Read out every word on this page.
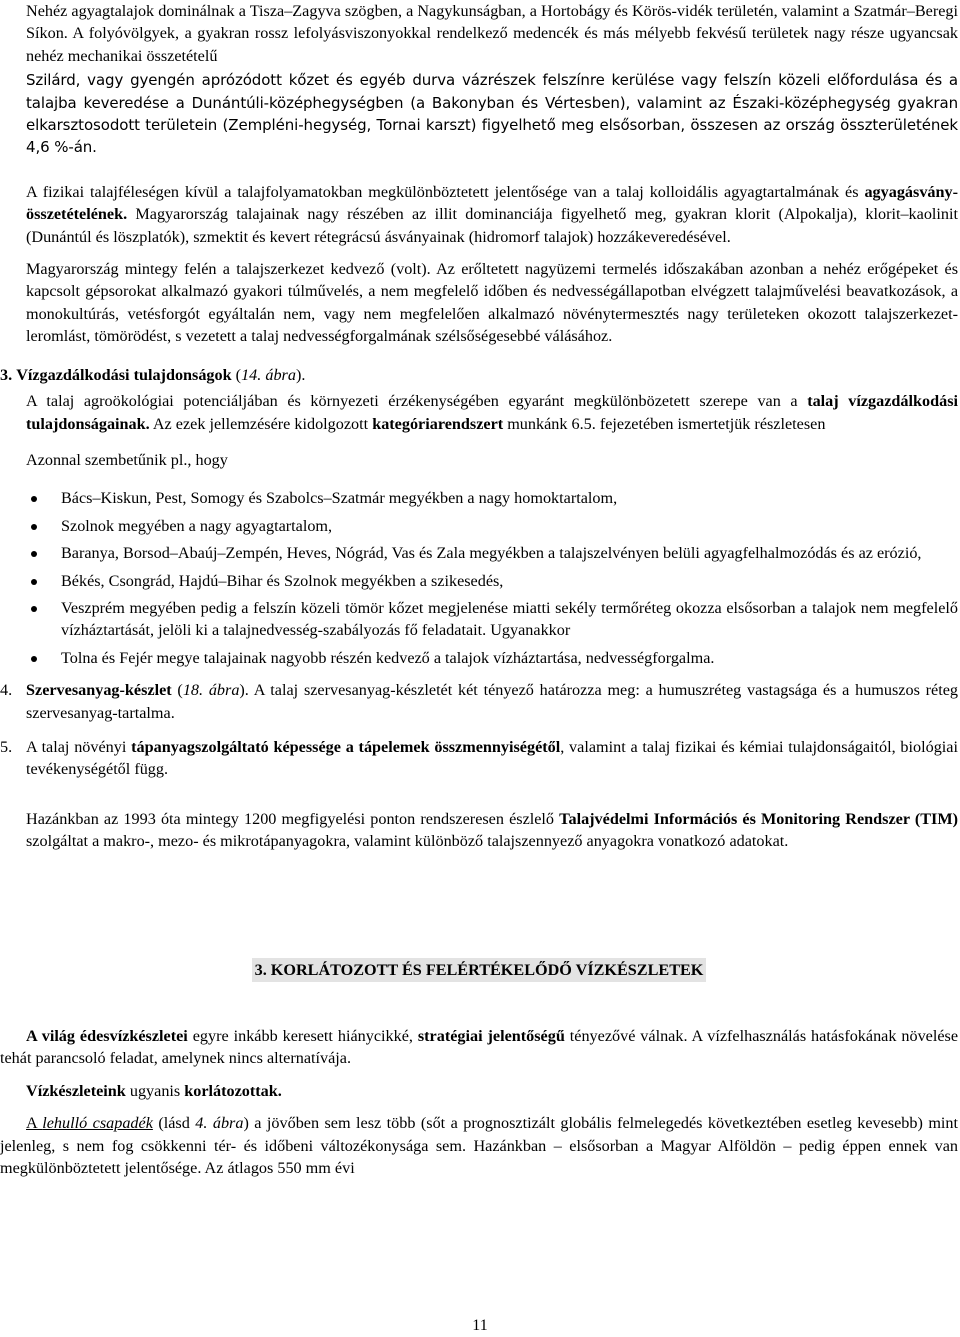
Nehéz agyagtalajok dominálnak a Tisza–Zagyva szögben, a Nagykunságban, a Hortobágy és Körös-vidék területén, valamint a Szatmár–Beregi Síkon. A folyóvölgyek, a gyakran rossz lefolyásviszonyokkal rendelkező medencék és más mélyebb fekvésű területek nagy része ugyancsak nehéz mechanikai összetételű

Szilárd, vagy gyengén aprózódott kőzet és egyéb durva vázrészek felszínre kerülése vagy felszín közeli előfordulása és a talajba keveredése a Dunántúli-középhegységben (a Bakonyban és Vértesben), valamint az Északi-középhegység gyakran elkarsztosodott területein (Zempléni-hegység, Tornai karszt) figyelhető meg elsősorban, összesen az ország összterületének 4,6 %-án.

A fizikai talajféleségen kívül a talajfolyamatokban megkülönböztetett jelentősége van a talaj kolloidális agyagtartalmának és agyagásvány-összetételének. Magyarország talajainak nagy részében az illit dominanciája figyelhető meg, gyakran klorit (Alpokalja), klorit–kaolinit (Dunántúl és löszplatók), szmektit és kevert rétegrácsú ásványainak (hidromorf talajok) hozzákeveredésével.

Magyarország mintegy felén a talajszerkezet kedvező (volt). Az erőltetett nagyüzemi termelés időszakában azonban a nehéz erőgépeket és kapcsolt gépsorokat alkalmazó gyakori túlművelés, a nem megfelelő időben és nedvességállapotban elvégzett talajművelési beavatkozások, a monokultúrás, vetésforgót egyáltalán nem, vagy nem megfelelően alkalmazó növénytermesztés nagy területeken okozott talajszerkezet-leromlást, tömörödést, s vezetett a talaj nedvességforgalmának szélsőségesebbé válásához.

3. Vízgazdálkodási tulajdonságok (14. ábra).

A talaj agroökológiai potenciáljában és környezeti érzékenységében egyaránt megkülönbözetett szerepe van a talaj vízgazdálkodási tulajdonságainak. Az ezek jellemzésére kidolgozott kategóriarendszert munkánk 6.5. fejezetében ismertetjük részletesen

Azonnal szembetűnik pl., hogy

Bács–Kiskun, Pest, Somogy és Szabolcs–Szatmár megyékben a nagy homoktartalom,
Szolnok megyében a nagy agyagtartalom,
Baranya, Borsod–Abaúj–Zempén, Heves, Nógrád, Vas és Zala megyékben a talajszelvényen belüli agyagfelhalmozódás és az erózió,
Békés, Csongrád, Hajdú–Bihar és Szolnok megyékben a szikesedés,
Veszprém megyében pedig a felszín közeli tömör kőzet megjelenése miatti sekély termőréteg okozza elsősorban a talajok nem megfelelő vízháztartását, jelöli ki a talajnedvesség-szabályozás fő feladatait. Ugyanakkor
Tolna és Fejér megye talajainak nagyobb részén kedvező a talajok vízháztartása, nedvességforgalma.

4. Szervesanyag-készlet (18. ábra). A talaj szervesanyag-készletét két tényező határozza meg: a humuszréteg vastagsága és a humuszos réteg szervesanyag-tartalma.

5. A talaj növényi tápanyagszolgáltató képessége a tápelemek összmennyiségétől, valamint a talaj fizikai és kémiai tulajdonságaitól, biológiai tevékenységétől függ.

Hazánkban az 1993 óta mintegy 1200 megfigyelési ponton rendszeresen észlelő Talajvédelmi Információs és Monitoring Rendszer (TIM) szolgáltat a makro-, mezo- és mikrotápanyagokra, valamint különböző talajszennyező anyagokra vonatkozó adatokat.

3. KORLÁTOZOTT ÉS FELÉRTÉKELŐDŐ VÍZKÉSZLETEK

A világ édesvízkészletei egyre inkább keresett hiánycikké, stratégiai jelentőségű tényezővé válnak. A vízfelhasználás hatásfokának növelése tehát parancsoló feladat, amelynek nincs alternatívája.

Vízkészleteink ugyanis korlátozottak.

A lehulló csapadék (lásd 4. ábra) a jövőben sem lesz több (sőt a prognosztizált globális felmelegedés következtében esetleg kevesebb) mint jelenleg, s nem fog csökkenni tér- és időbeni változékonysága sem. Hazánkban – elsősorban a Magyar Alföldön – pedig éppen ennek van megkülönböztetett jelentősége. Az átlagos 550 mm évi

11
